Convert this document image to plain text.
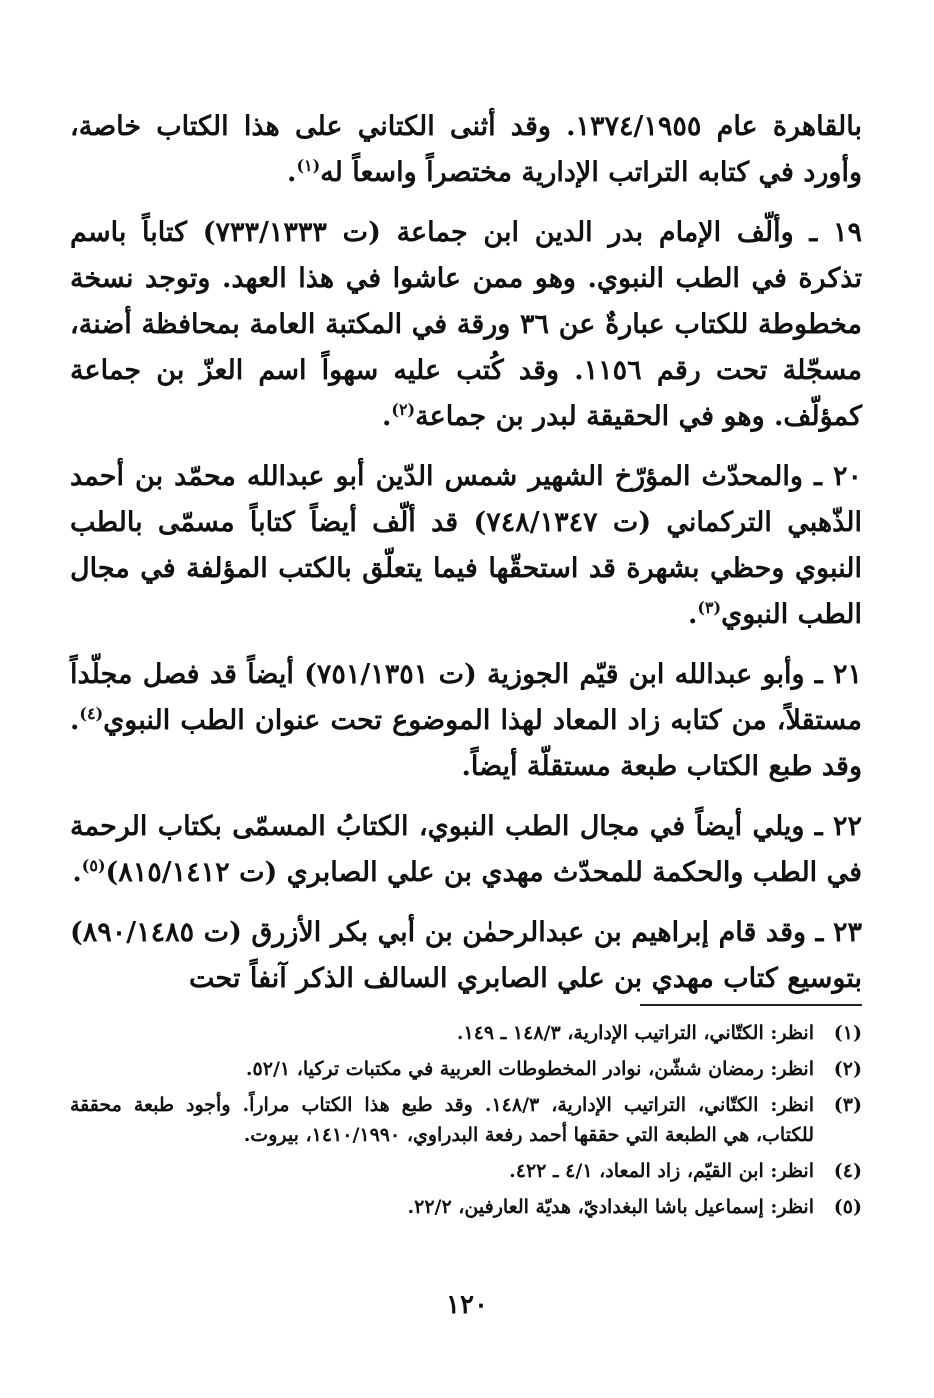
بالقاهرة عام ١٣٧٤/١٩٥٥. وقد أثنى الكتاني على هذا الكتاب خاصة، وأورد في كتابه التراتب الإدارية مختصراً واسعاً له$^{(١)}$.

١٩ ـ وألّف الإمام بدر الدين ابن جماعة (ت ٧٣٣/١٣٣٣) كتاباً باسم تذكرة في الطب النبوي. وهو ممن عاشوا في هذا العهد. وتوجد نسخة مخطوطة للكتاب عبارةٌ عن ٣٦ ورقة في المكتبة العامة بمحافظة أضنة، مسجّلة تحت رقم ١١٥٦. وقد كُتب عليه سهواً اسم العزّ بن جماعة كمؤلّف. وهو في الحقيقة لبدر بن جماعة$^{(٢)}$.

٢٠ ـ والمحدّث المؤرّخ الشهير شمس الدّين أبو عبدالله محمّد بن أحمد الذّهبي التركماني (ت ٧٤٨/١٣٤٧) قد ألّف أيضاً كتاباً مسمّى بالطب النبوي وحظي بشهرة قد استحقّها فيما يتعلّق بالكتب المؤلفة في مجال الطب النبوي$^{(٣)}$.

٢١ ـ وأبو عبدالله ابن قيّم الجوزية (ت ٧٥١/١٣٥١) أيضاً قد فصل مجلّداً مستقلاً، من كتابه زاد المعاد لهذا الموضوع تحت عنوان الطب النبوي$^{(٤)}$. وقد طبع الكتاب طبعة مستقلّة أيضاً.

٢٢ ـ ويلي أيضاً في مجال الطب النبوي، الكتابُ المسمّى بكتاب الرحمة في الطب والحكمة للمحدّث مهدي بن علي الصابري (ت ٨١٥/١٤١٢)$^{(٥)}$.

٢٣ ـ وقد قام إبراهيم بن عبدالرحمٰن بن أبي بكر الأزرق (ت ٨٩٠/١٤٨٥) بتوسيع كتاب مهدي بن علي الصابري السالف الذكر آنفاً تحت

(١)
انظر: الكتّاني، التراتيب الإدارية، ١٤٨/٣ ـ ١٤٩.
(٢)
انظر: رمضان ششّن، نوادر المخطوطات العربية في مكتبات تركيا، ٥٢/١.
(٣)
انظر: الكتّاني، التراتيب الإدارية، ١٤٨/٣. وقد طبع هذا الكتاب مراراً. وأجود طبعة محققة للكتاب، هي الطبعة التي حققها أحمد رفعة البدراوي، ١٤١٠/١٩٩٠، بيروت.
(٤)
انظر: ابن القيّم، زاد المعاد، ٤/١ ـ ٤٢٢.
(٥)
انظر: إسماعيل باشا البغداديّ، هديّة العارفين، ٢٢/٢.
١٢٠
